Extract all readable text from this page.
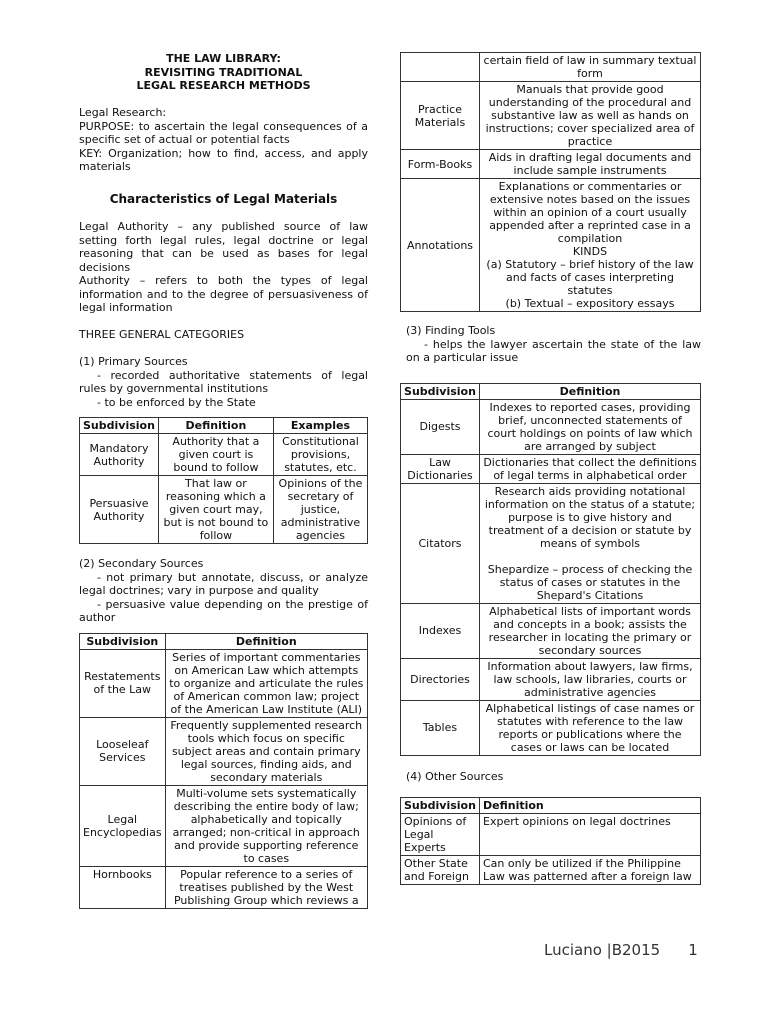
THE LAW LIBRARY:
REVISITING TRADITIONAL
LEGAL RESEARCH METHODS

Legal Research:

PURPOSE: to ascertain the legal consequences of a specific set of actual or potential facts

KEY: Organization; how to find, access, and apply materials

Characteristics of Legal Materials

Legal Authority – any published source of law setting forth legal rules, legal doctrine or legal reasoning that can be used as bases for legal decisions

Authority – refers to both the types of legal information and to the degree of persuasiveness of legal information

THREE GENERAL CATEGORIES

(1) Primary Sources

- recorded authoritative statements of legal rules by governmental institutions

- to be enforced by the State

Subdivision	Definition	Examples
Mandatory Authority	Authority that a given court is bound to follow	Constitutional provisions, statutes, etc.
Persuasive Authority	That law or reasoning which a given court may, but is not bound to follow	Opinions of the secretary of justice, administrative agencies

(2) Secondary Sources

- not primary but annotate, discuss, or analyze legal doctrines; vary in purpose and quality

- persuasive value depending on the prestige of author

Subdivision	Definition
Restatements of the Law	Series of important commentaries on American Law which attempts to organize and articulate the rules of American common law; project of the American Law Institute (ALI)
Looseleaf Services	Frequently supplemented research tools which focus on specific subject areas and contain primary legal sources, finding aids, and secondary materials
Legal Encyclopedias	Multi-volume sets systematically describing the entire body of law; alphabetically and topically arranged; non-critical in approach and provide supporting reference to cases
Hornbooks	Popular reference to a series of treatises published by the West Publishing Group which reviews a
	certain field of law in summary textual form
Practice Materials	Manuals that provide good understanding of the procedural and substantive law as well as hands on instructions; cover specialized area of practice
Form-Books	Aids in drafting legal documents and include sample instruments
Annotations	Explanations or commentaries or extensive notes based on the issues within an opinion of a court usually appended after a reprinted case in a compilation
KINDS
(a) Statutory – brief history of the law and facts of cases interpreting statutes
(b) Textual – expository essays

(3) Finding Tools

- helps the lawyer ascertain the state of the law on a particular issue

Subdivision	Definition
Digests	Indexes to reported cases, providing brief, unconnected statements of court holdings on points of law which are arranged by subject
Law Dictionaries	Dictionaries that collect the definitions of legal terms in alphabetical order
Citators	Research aids providing notational information on the status of a statute; purpose is to give history and treatment of a decision or statute by means of symbols
Shepardize – process of checking the status of cases or statutes in the Shepard's Citations

Indexes	Alphabetical lists of important words and concepts in a book; assists the researcher in locating the primary or secondary sources
Directories	Information about lawyers, law firms, law schools, law libraries, courts or administrative agencies
Tables	Alphabetical listings of case names or statutes with reference to the law reports or publications where the cases or laws can be located

(4) Other Sources

Subdivision	Definition
Opinions of Legal Experts	Expert opinions on legal doctrines
Other State and Foreign	Can only be utilized if the Philippine Law was patterned after a foreign law
Luciano |B2015 1
